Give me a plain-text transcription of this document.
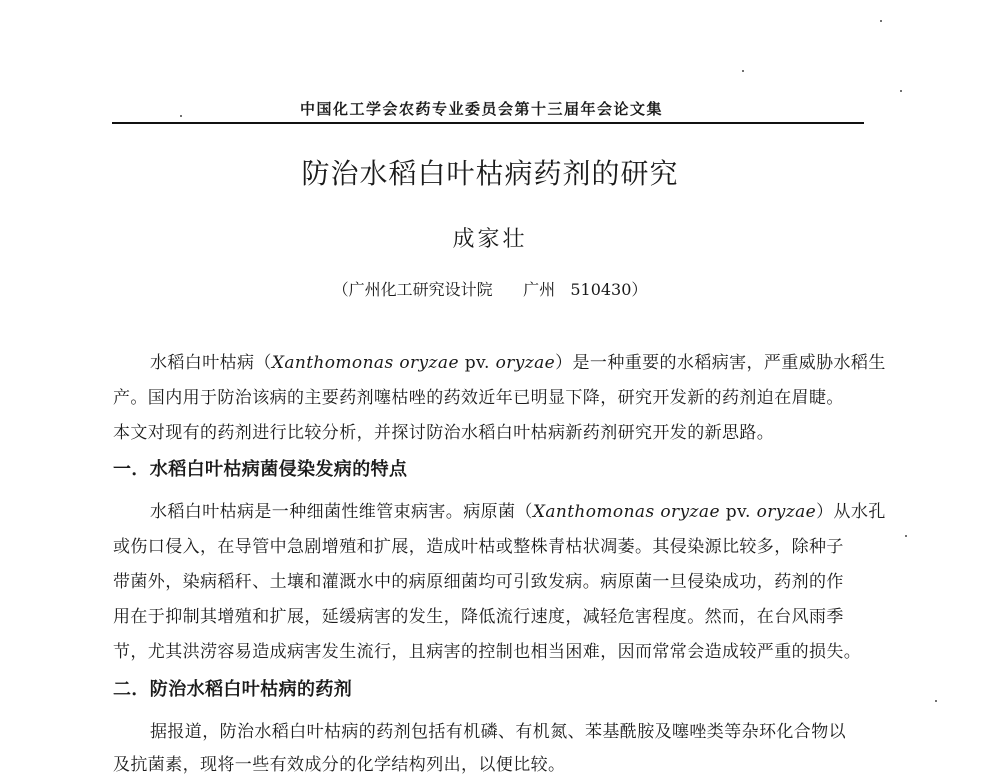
中国化工学会农药专业委员会第十三届年会论文集
防治水稻白叶枯病药剂的研究
成家壮
（广州化工研究设计院      广州   510430）
水稻白叶枯病（Xanthomonas oryzae pv. oryzae）是一种重要的水稻病害，严重威胁水稻生
产。国内用于防治该病的主要药剂噻枯唑的药效近年已明显下降，研究开发新的药剂迫在眉睫。
本文对现有的药剂进行比较分析，并探讨防治水稻白叶枯病新药剂研究开发的新思路。
一．水稻白叶枯病菌侵染发病的特点
水稻白叶枯病是一种细菌性维管束病害。病原菌（Xanthomonas oryzae pv. oryzae）从水孔
或伤口侵入，在导管中急剧增殖和扩展，造成叶枯或整株青枯状凋萎。其侵染源比较多，除种子
带菌外，染病稻秆、土壤和灌溉水中的病原细菌均可引致发病。病原菌一旦侵染成功，药剂的作
用在于抑制其增殖和扩展，延缓病害的发生，降低流行速度，减轻危害程度。然而，在台风雨季
节，尤其洪涝容易造成病害发生流行，且病害的控制也相当困难，因而常常会造成较严重的损失。
二．防治水稻白叶枯病的药剂
据报道，防治水稻白叶枯病的药剂包括有机磷、有机氮、苯基酰胺及噻唑类等杂环化合物以
及抗菌素，现将一些有效成分的化学结构列出，以便比较。
